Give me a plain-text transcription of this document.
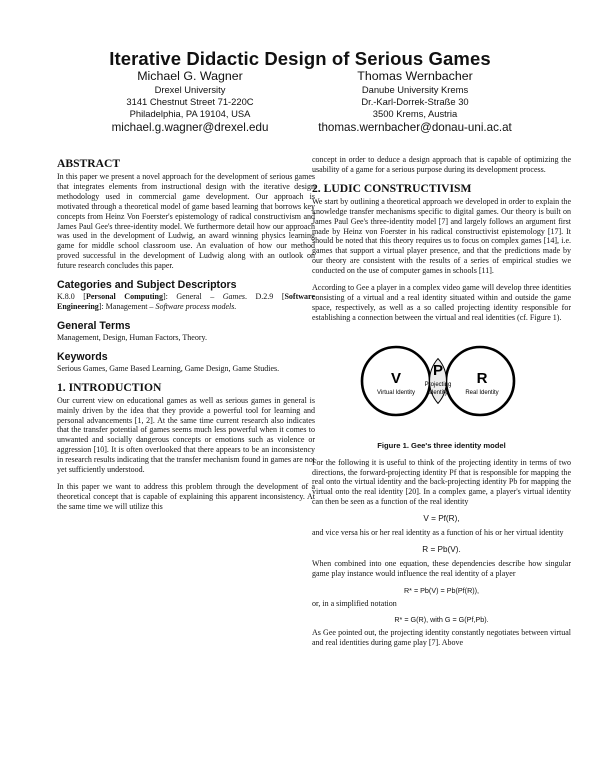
Iterative Didactic Design of Serious Games
Michael G. Wagner
Drexel University
3141 Chestnut Street 71-220C
Philadelphia, PA 19104, USA
michael.g.wagner@drexel.edu
Thomas Wernbacher
Danube University Krems
Dr.-Karl-Dorrek-Straße 30
3500 Krems, Austria
thomas.wernbacher@donau-uni.ac.at
ABSTRACT

In this paper we present a novel approach for the development of serious games that integrates elements from instructional design with the iterative design methodology used in commercial game development. Our approach is motivated through a theoretical model of game based learning that borrows key concepts from Heinz Von Foerster's epistemology of radical constructivism and James Paul Gee's three-identity model. We furthermore detail how our approach was used in the development of Ludwig, an award winning physics learning game for middle school classroom use. An evaluation of how our method proved successful in the development of Ludwig along with an outlook on future research concludes this paper.

Categories and Subject Descriptors

K.8.0 [Personal Computing]: General – Games. D.2.9 [Software Engineering]: Management – Software process models.

General Terms

Management, Design, Human Factors, Theory.

Keywords

Serious Games, Game Based Learning, Game Design, Game Studies.

1. INTRODUCTION

Our current view on educational games as well as serious games in general is mainly driven by the idea that they provide a powerful tool for learning and personal advancements [1, 2]. At the same time current research also indicates that the transfer potential of games seems much less powerful when it comes to unwanted and socially dangerous concepts or emotions such as violence or aggression [10]. It is often overlooked that there appears to be an inconsistency in research results indicating that the transfer mechanism found in games are not yet sufficiently understood.

In this paper we want to address this problem through the development of a theoretical concept that is capable of explaining this apparent inconsistency. At the same time we will utilize this

concept in order to deduce a design approach that is capable of optimizing the usability of a game for a serious purpose during its development process.

2. LUDIC CONSTRUCTIVISM

We start by outlining a theoretical approach we developed in order to explain the knowledge transfer mechanisms specific to digital games. Our theory is built on James Paul Gee's three-identity model [7] and largely follows an argument first made by Heinz von Foerster in his radical constructivist epistemology [17]. It should be noted that this theory requires us to focus on complex games [14], i.e. games that support a virtual player presence, and that the predictions made by our theory are consistent with the results of a series of empirical studies we conducted on the use of computer games in schools [11].

According to Gee a player in a complex video game will develop three identities consisting of a virtual and a real identity situated within and outside the game space, respectively, as well as a so called projecting identity responsible for establishing a connection between the virtual and real identities (cf. Figure 1).

V
Virtual Identity
P
Projecting
Identity
R
Real Identity
Figure 1. Gee's three identity model

For the following it is useful to think of the projecting identity in terms of two directions, the forward-projecting identity Pf that is responsible for mapping the real onto the virtual identity and the back-projecting identity Pb for mapping the virtual onto the real identity [20]. In a complex game, a player's virtual identity can then be seen as a function of the real identity

V = Pf(R),

and vice versa his or her real identity as a function of his or her virtual identity

R = Pb(V).

When combined into one equation, these dependencies describe how singular game play instance would influence the real identity of a player

R* = Pb(V) = Pb(Pf(R)),

or, in a simplified notation

R* = G(R), with G = G(Pf,Pb).

As Gee pointed out, the projecting identity constantly negotiates between virtual and real identities during game play [7]. Above
